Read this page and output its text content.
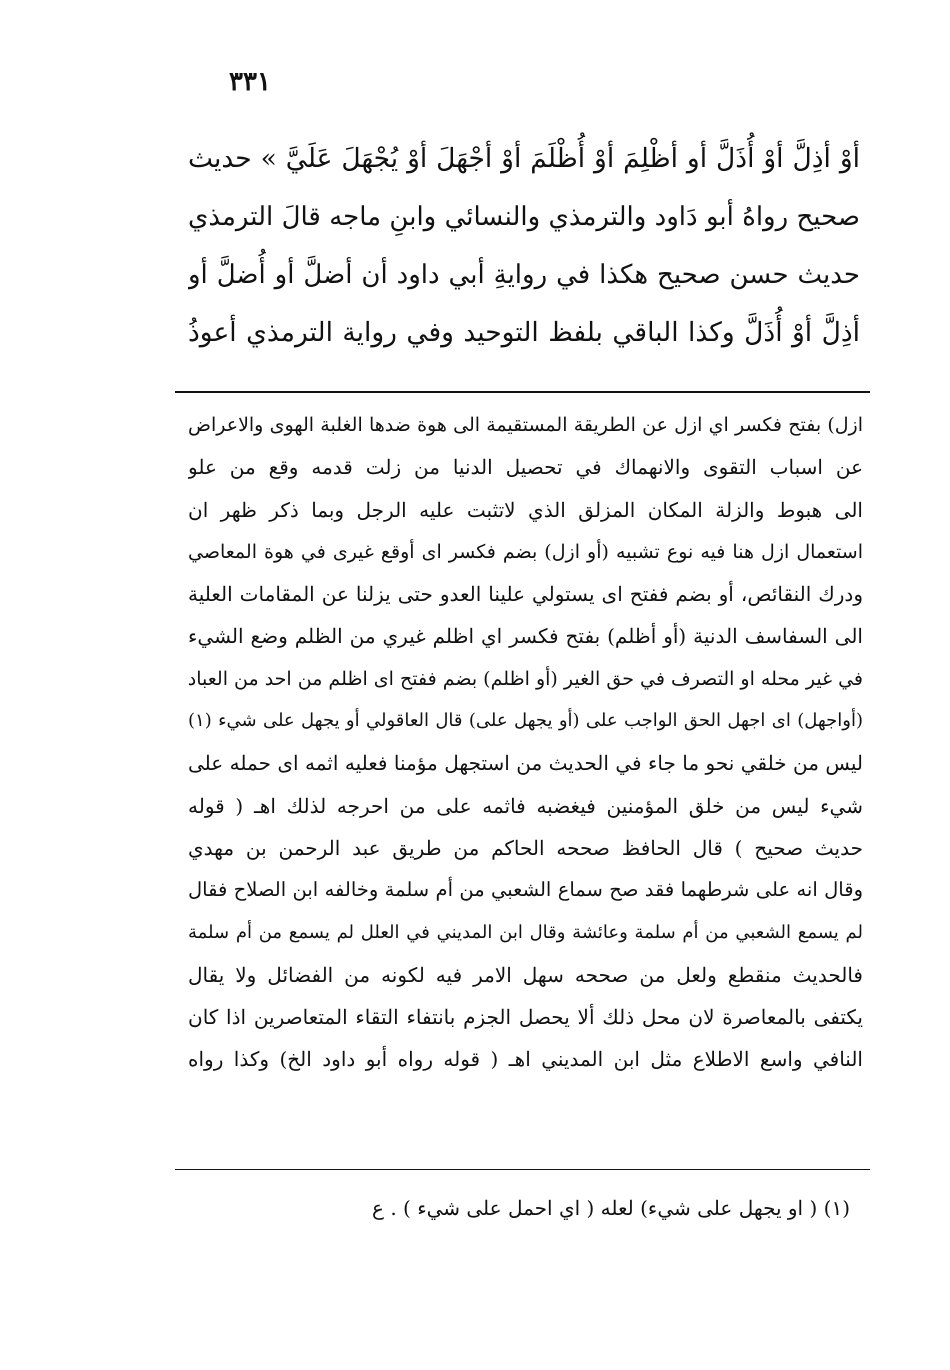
٣٣١
أوْ أذِلَّ أوْ أُذَلَّ أو أظْلِمَ أوْ أُظْلَمَ أوْ أجْهَلَ أوْ يُجْهَلَ عَلَيَّ » حديث
صحيح رواهُ أبو دَاود والترمذي والنسائي وابنِ ماجه قالَ الترمذي
حديث حسن صحيح هكذا في روايةِ أبي داود أن أضلَّ أو أُضلَّ أو
أذِلَّ أوْ أُذَلَّ وكذا الباقي بلفظ التوحيد وفي رواية الترمذي أعوذُ
ازل) بفتح فكسر اي ازل عن الطريقة المستقيمة الى هوة ضدها الغلبة الهوى والاعراض
عن اسباب التقوى والانهماك في تحصيل الدنيا من زلت قدمه وقع من علو
الى هبوط والزلة المكان المزلق الذي لاتثبت عليه الرجل وبما ذكر ظهر ان
استعمال ازل هنا فيه نوع تشبيه (أو ازل) بضم فكسر اى أوقع غيرى في هوة المعاصي
ودرك النقائص، أو بضم ففتح اى يستولي علينا العدو حتى يزلنا عن المقامات العلية
الى السفاسف الدنية (أو أظلم) بفتح فكسر اي اظلم غيري من الظلم وضع الشيء
في غير محله او التصرف في حق الغير (أو اظلم) بضم ففتح اى اظلم من احد من العباد
(أواجهل) اى اجهل الحق الواجب على (أو يجهل على) قال العاقولي أو يجهل على شيء (١)
ليس من خلقي نحو ما جاء في الحديث من استجهل مؤمنا فعليه اثمه اى حمله على
شيء ليس من خلق المؤمنين فيغضبه فاثمه على من احرجه لذلك اهـ ( قوله
حديث صحيح ) قال الحافظ صححه الحاكم من طريق عبد الرحمن بن مهدي
وقال انه على شرطهما فقد صح سماع الشعبي من أم سلمة وخالفه ابن الصلاح فقال
لم يسمع الشعبي من أم سلمة وعائشة وقال ابن المديني في العلل لم يسمع من أم سلمة
فالحديث منقطع ولعل من صححه سهل الامر فيه لكونه من الفضائل ولا يقال
يكتفى بالمعاصرة لان محل ذلك ألا يحصل الجزم بانتفاء التقاء المتعاصرين اذا كان
النافي واسع الاطلاع مثل ابن المديني اهـ ( قوله رواه أبو داود الخ) وكذا رواه
(١) ( او يجهل على شيء) لعله ( اي احمل على شيء ) . ع
